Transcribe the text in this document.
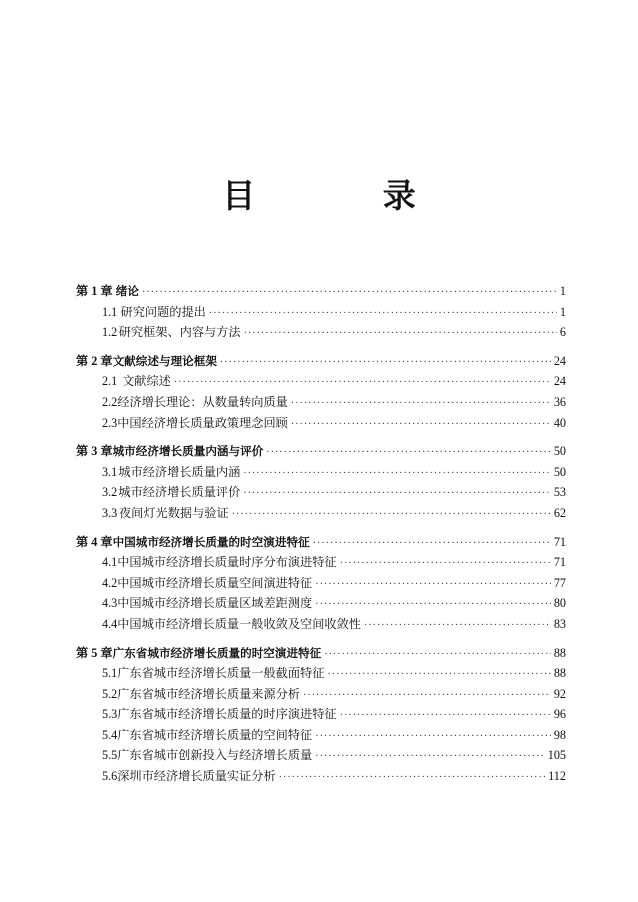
目 录
第 1 章 绪论 ·····	1
1.1 研究问题的提出 ·····	1
1.2 研究框架、内容与方法 ·····	6
第 2 章 文献综述与理论框架 ·····	24
2.1 文献综述 ·····	24
2.2 经济增长理论：从数量转向质量 ·····	36
2.3 中国经济增长质量政策理念回顾 ·····	40
第 3 章 城市经济增长质量内涵与评价 ·····	50
3.1 城市经济增长质量内涵 ·····	50
3.2 城市经济增长质量评价 ·····	53
3.3 夜间灯光数据与验证 ·····	62
第 4 章 中国城市经济增长质量的时空演进特征 ·····	71
4.1 中国城市经济增长质量时序分布演进特征 ·····	71
4.2 中国城市经济增长质量空间演进特征 ·····	77
4.3 中国城市经济增长质量区域差距测度 ·····	80
4.4 中国城市经济增长质量一般收敛及空间收敛性 ·····	83
第 5 章 广东省城市经济增长质量的时空演进特征 ·····	88
5.1 广东省城市经济增长质量一般截面特征 ·····	88
5.2 广东省城市经济增长质量来源分析 ·····	92
5.3 广东省城市经济增长质量的时序演进特征 ·····	96
5.4 广东省城市经济增长质量的空间特征 ·····	98
5.5 广东省城市创新投入与经济增长质量 ·····	105
5.6 深圳市经济增长质量实证分析 ·····	112
